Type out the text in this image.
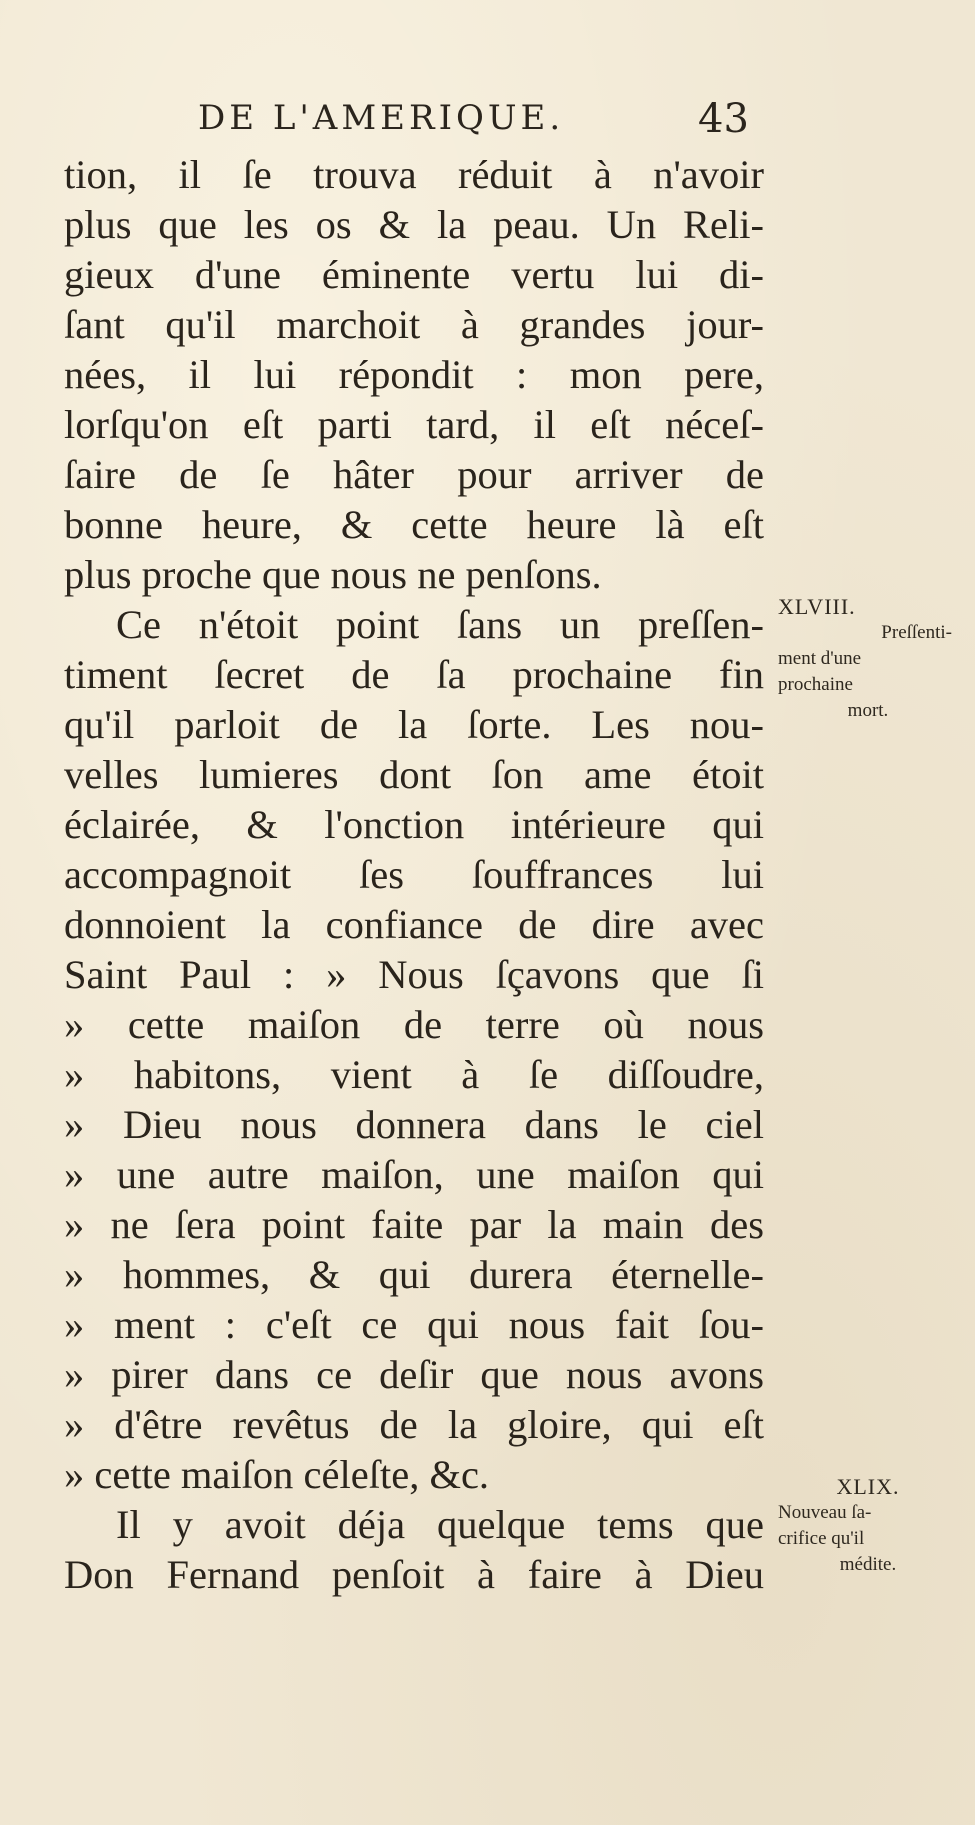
DE L'AMERIQUE.	43
tion, il ſe trouva réduit à n'avoir
plus que les os & la peau. Un Reli-
gieux d'une éminente vertu lui di-
ſant qu'il marchoit à grandes jour-
nées, il lui répondit : mon pere,
lorſqu'on eſt parti tard, il eſt néceſ-
ſaire de ſe hâter pour arriver de
bonne heure, & cette heure là eſt
plus proche que nous ne penſons.
Ce n'étoit point ſans un preſſen-
timent ſecret de ſa prochaine fin
qu'il parloit de la ſorte. Les nou-
velles lumieres dont ſon ame étoit
éclairée, & l'onction intérieure qui
accompagnoit ſes ſouffrances lui
donnoient la confiance de dire avec
Saint Paul : » Nous ſçavons que ſi
» cette maiſon de terre où nous
» habitons, vient à ſe diſſoudre,
» Dieu nous donnera dans le ciel
» une autre maiſon, une maiſon qui
» ne ſera point faite par la main des
» hommes, & qui durera éternelle-
» ment : c'eſt ce qui nous fait ſou-
» pirer dans ce deſir que nous avons
» d'être revêtus de la gloire, qui eſt
» cette maiſon céleſte, &c.
Il y avoit déja quelque tems que
Don Fernand penſoit à faire à Dieu
XLVIII.
Preſſenti-
ment d'une
prochaine
mort.
XLIX.
Nouveau ſa-
crifice qu'il
médite.
